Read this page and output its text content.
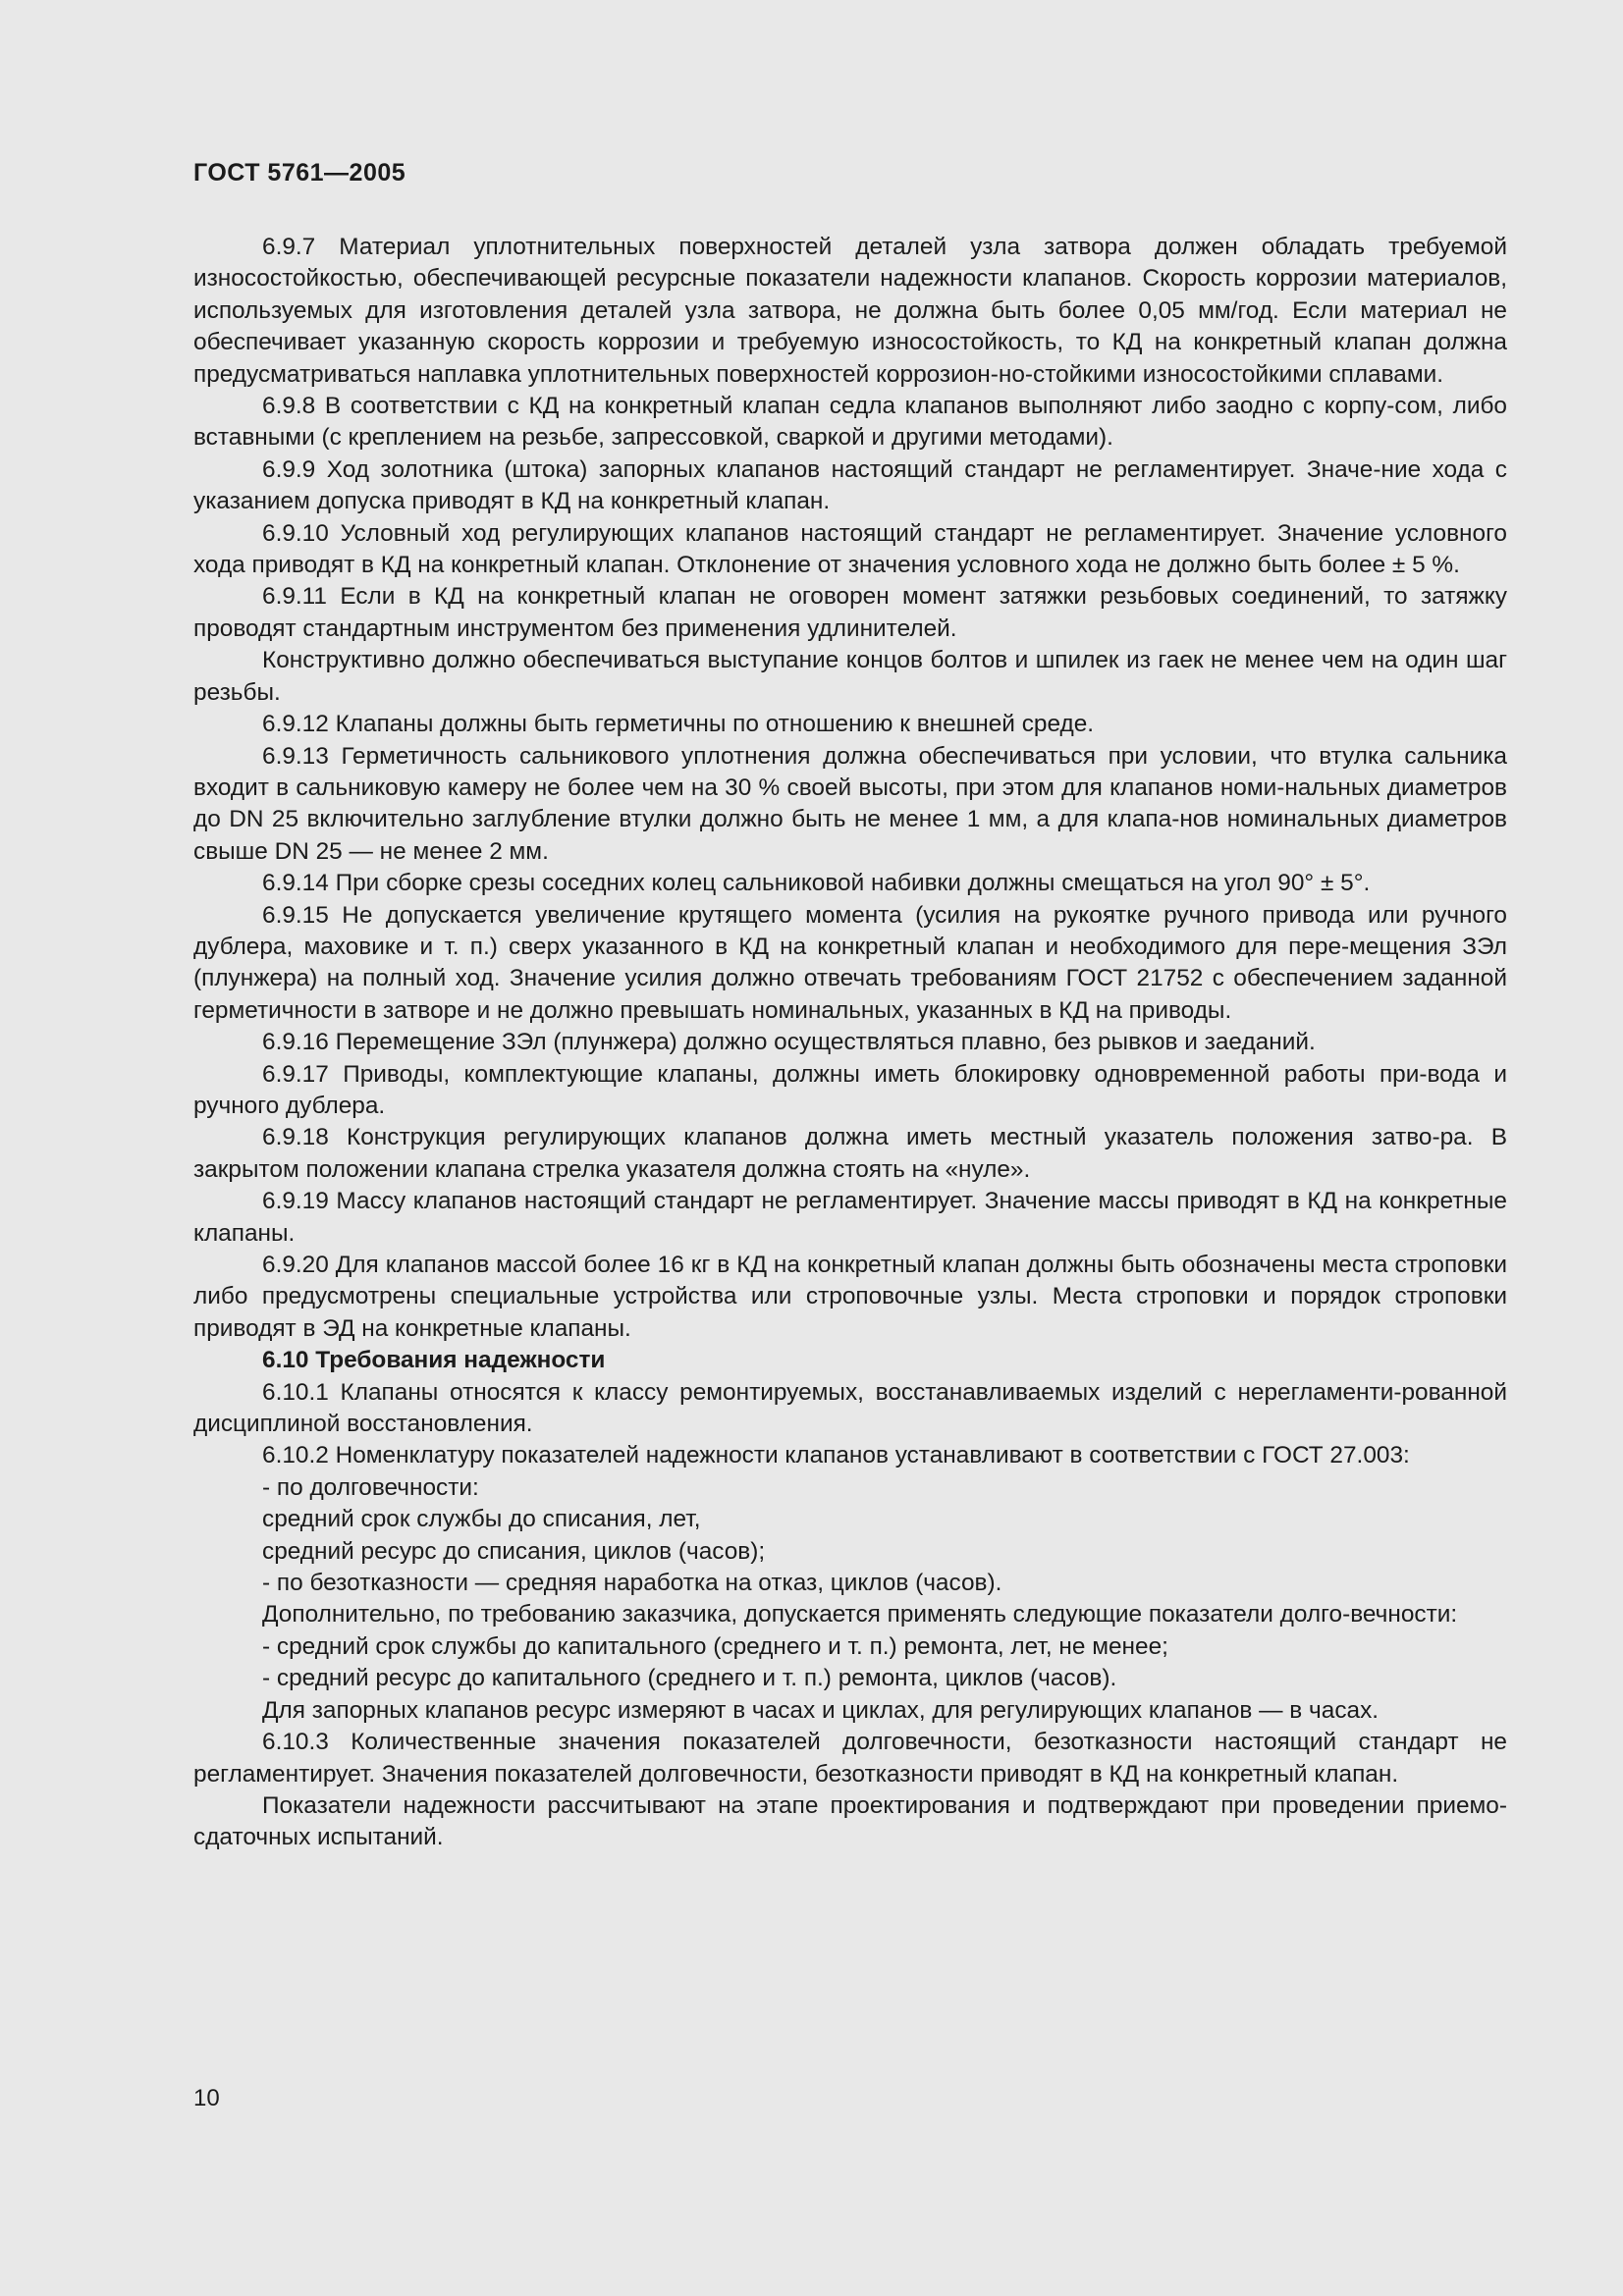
ГОСТ 5761—2005

6.9.7 Материал уплотнительных поверхностей деталей узла затвора должен обладать требуемой износостойкостью, обеспечивающей ресурсные показатели надежности клапанов. Скорость коррозии материалов, используемых для изготовления деталей узла затвора, не должна быть более 0,05 мм/год. Если материал не обеспечивает указанную скорость коррозии и требуемую износостойкость, то КД на конкретный клапан должна предусматриваться наплавка уплотнительных поверхностей коррозион-но-стойкими износостойкими сплавами.

6.9.8 В соответствии с КД на конкретный клапан седла клапанов выполняют либо заодно с корпу-сом, либо вставными (с креплением на резьбе, запрессовкой, сваркой и другими методами).

6.9.9 Ход золотника (штока) запорных клапанов настоящий стандарт не регламентирует. Значе-ние хода с указанием допуска приводят в КД на конкретный клапан.

6.9.10 Условный ход регулирующих клапанов настоящий стандарт не регламентирует. Значение условного хода приводят в КД на конкретный клапан. Отклонение от значения условного хода не должно быть более ± 5 %.

6.9.11 Если в КД на конкретный клапан не оговорен момент затяжки резьбовых соединений, то затяжку проводят стандартным инструментом без применения удлинителей.

Конструктивно должно обеспечиваться выступание концов болтов и шпилек из гаек не менее чем на один шаг резьбы.

6.9.12 Клапаны должны быть герметичны по отношению к внешней среде.

6.9.13 Герметичность сальникового уплотнения должна обеспечиваться при условии, что втулка сальника входит в сальниковую камеру не более чем на 30 % своей высоты, при этом для клапанов номи-нальных диаметров до DN 25 включительно заглубление втулки должно быть не менее 1 мм, а для клапа-нов номинальных диаметров свыше DN 25 — не менее 2 мм.

6.9.14 При сборке срезы соседних колец сальниковой набивки должны смещаться на угол 90° ± 5°.

6.9.15 Не допускается увеличение крутящего момента (усилия на рукоятке ручного привода или ручного дублера, маховике и т. п.) сверх указанного в КД на конкретный клапан и необходимого для пере-мещения ЗЭл (плунжера) на полный ход. Значение усилия должно отвечать требованиям ГОСТ 21752 с обеспечением заданной герметичности в затворе и не должно превышать номинальных, указанных в КД на приводы.

6.9.16 Перемещение ЗЭл (плунжера) должно осуществляться плавно, без рывков и заеданий.

6.9.17 Приводы, комплектующие клапаны, должны иметь блокировку одновременной работы при-вода и ручного дублера.

6.9.18 Конструкция регулирующих клапанов должна иметь местный указатель положения затво-ра. В закрытом положении клапана стрелка указателя должна стоять на «нуле».

6.9.19 Массу клапанов настоящий стандарт не регламентирует. Значение массы приводят в КД на конкретные клапаны.

6.9.20 Для клапанов массой более 16 кг в КД на конкретный клапан должны быть обозначены места строповки либо предусмотрены специальные устройства или строповочные узлы. Места строповки и порядок строповки приводят в ЭД на конкретные клапаны.

6.10 Требования надежности

6.10.1 Клапаны относятся к классу ремонтируемых, восстанавливаемых изделий с нерегламенти-рованной дисциплиной восстановления.

6.10.2 Номенклатуру показателей надежности клапанов устанавливают в соответствии с ГОСТ 27.003:

- по долговечности:

средний срок службы до списания, лет,

средний ресурс до списания, циклов (часов);

- по безотказности — средняя наработка на отказ, циклов (часов).

Дополнительно, по требованию заказчика, допускается применять следующие показатели долго-вечности:

- средний срок службы до капитального (среднего и т. п.) ремонта, лет, не менее;

- средний ресурс до капитального (среднего и т. п.) ремонта, циклов (часов).

Для запорных клапанов ресурс измеряют в часах и циклах, для регулирующих клапанов — в часах.

6.10.3 Количественные значения показателей долговечности, безотказности настоящий стандарт не регламентирует. Значения показателей долговечности, безотказности приводят в КД на конкретный клапан.

Показатели надежности рассчитывают на этапе проектирования и подтверждают при проведении приемо-сдаточных испытаний.

10
